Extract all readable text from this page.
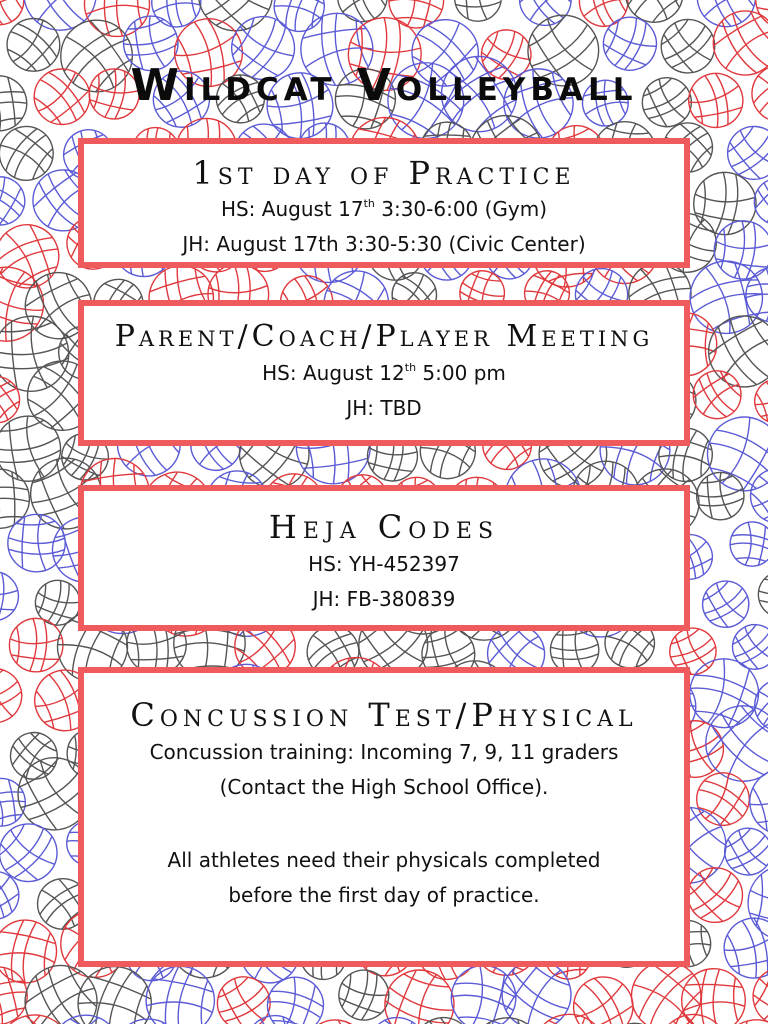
Wildcat Volleyball
1st day of Practice
HS: August 17th 3:30-6:00 (Gym)
JH: August 17th 3:30-5:30 (Civic Center)
Parent/Coach/Player Meeting
HS: August 12th 5:00 pm
JH: TBD
Heja Codes
HS: YH-452397
JH: FB-380839
Concussion Test/Physical
Concussion training: Incoming 7, 9, 11 graders
(Contact the High School Office).
All athletes need their physicals completed
before the first day of practice.
